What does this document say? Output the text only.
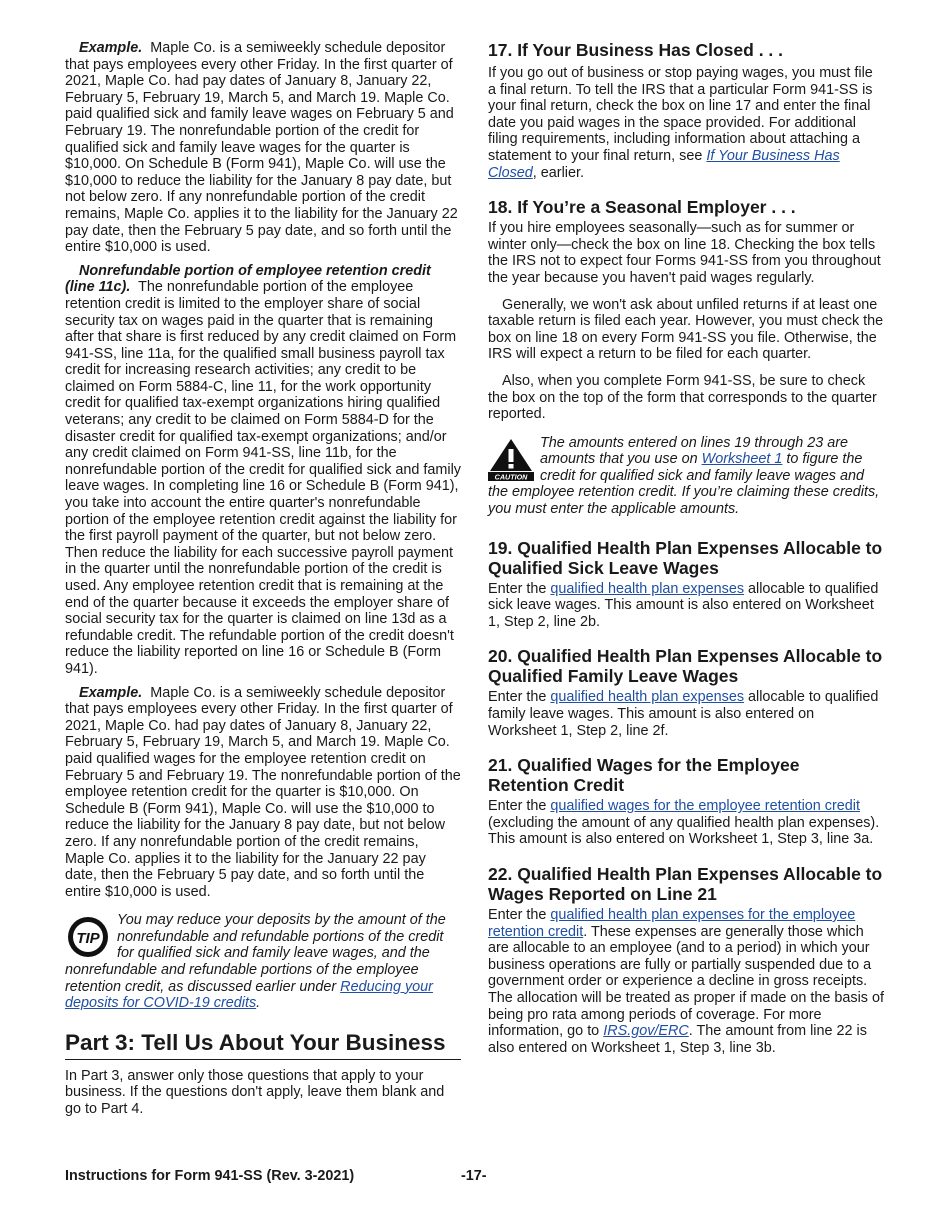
Example. Maple Co. is a semiweekly schedule depositor that pays employees every other Friday. In the first quarter of 2021, Maple Co. had pay dates of January 8, January 22, February 5, February 19, March 5, and March 19. Maple Co. paid qualified sick and family leave wages on February 5 and February 19. The nonrefundable portion of the credit for qualified sick and family leave wages for the quarter is $10,000. On Schedule B (Form 941), Maple Co. will use the $10,000 to reduce the liability for the January 8 pay date, but not below zero. If any nonrefundable portion of the credit remains, Maple Co. applies it to the liability for the January 22 pay date, then the February 5 pay date, and so forth until the entire $10,000 is used.

Nonrefundable portion of employee retention credit (line 11c). The nonrefundable portion of the employee retention credit is limited to the employer share of social security tax on wages paid in the quarter that is remaining after that share is first reduced by any credit claimed on Form 941-SS, line 11a, for the qualified small business payroll tax credit for increasing research activities; any credit to be claimed on Form 5884-C, line 11, for the work opportunity credit for qualified tax-exempt organizations hiring qualified veterans; any credit to be claimed on Form 5884-D for the disaster credit for qualified tax-exempt organizations; and/or any credit claimed on Form 941-SS, line 11b, for the nonrefundable portion of the credit for qualified sick and family leave wages. In completing line 16 or Schedule B (Form 941), you take into account the entire quarter's nonrefundable portion of the employee retention credit against the liability for the first payroll payment of the quarter, but not below zero. Then reduce the liability for each successive payroll payment in the quarter until the nonrefundable portion of the credit is used. Any employee retention credit that is remaining at the end of the quarter because it exceeds the employer share of social security tax for the quarter is claimed on line 13d as a refundable credit. The refundable portion of the credit doesn't reduce the liability reported on line 16 or Schedule B (Form 941).

Example. Maple Co. is a semiweekly schedule depositor that pays employees every other Friday. In the first quarter of 2021, Maple Co. had pay dates of January 8, January 22, February 5, February 19, March 5, and March 19. Maple Co. paid qualified wages for the employee retention credit on February 5 and February 19. The nonrefundable portion of the employee retention credit for the quarter is $10,000. On Schedule B (Form 941), Maple Co. will use the $10,000 to reduce the liability for the January 8 pay date, but not below zero. If any nonrefundable portion of the credit remains, Maple Co. applies it to the liability for the January 22 pay date, then the February 5 pay date, and so forth until the entire $10,000 is used.

TIP
You may reduce your deposits by the amount of the nonrefundable and refundable portions of the credit for qualified sick and family leave wages, and the nonrefundable and refundable portions of the employee retention credit, as discussed earlier under Reducing your deposits for COVID-19 credits.
Part 3: Tell Us About Your Business

In Part 3, answer only those questions that apply to your business. If the questions don't apply, leave them blank and go to Part 4.

17. If Your Business Has Closed . . .

If you go out of business or stop paying wages, you must file a final return. To tell the IRS that a particular Form 941-SS is your final return, check the box on line 17 and enter the final date you paid wages in the space provided. For additional filing requirements, including information about attaching a statement to your final return, see If Your Business Has Closed, earlier.

18. If You’re a Seasonal Employer . . .

If you hire employees seasonally—such as for summer or winter only—check the box on line 18. Checking the box tells the IRS not to expect four Forms 941-SS from you throughout the year because you haven't paid wages regularly.

Generally, we won't ask about unfiled returns if at least one taxable return is filed each year. However, you must check the box on line 18 on every Form 941-SS you file. Otherwise, the IRS will expect a return to be filed for each quarter.

Also, when you complete Form 941-SS, be sure to check the box on the top of the form that corresponds to the quarter reported.

CAUTION
The amounts entered on lines 19 through 23 are amounts that you use on Worksheet 1 to figure the credit for qualified sick and family leave wages and the employee retention credit. If you’re claiming these credits, you must enter the applicable amounts.
19. Qualified Health Plan Expenses Allocable to Qualified Sick Leave Wages

Enter the qualified health plan expenses allocable to qualified sick leave wages. This amount is also entered on Worksheet 1, Step 2, line 2b.

20. Qualified Health Plan Expenses Allocable to Qualified Family Leave Wages

Enter the qualified health plan expenses allocable to qualified family leave wages. This amount is also entered on Worksheet 1, Step 2, line 2f.

21. Qualified Wages for the Employee Retention Credit

Enter the qualified wages for the employee retention credit (excluding the amount of any qualified health plan expenses). This amount is also entered on Worksheet 1, Step 3, line 3a.

22. Qualified Health Plan Expenses Allocable to Wages Reported on Line 21

Enter the qualified health plan expenses for the employee retention credit. These expenses are generally those which are allocable to an employee (and to a period) in which your business operations are fully or partially suspended due to a government order or experience a decline in gross receipts. The allocation will be treated as proper if made on the basis of being pro rata among periods of coverage. For more information, go to IRS.gov/ERC. The amount from line 22 is also entered on Worksheet 1, Step 3, line 3b.

Instructions for Form 941-SS (Rev. 3-2021)	-17-
